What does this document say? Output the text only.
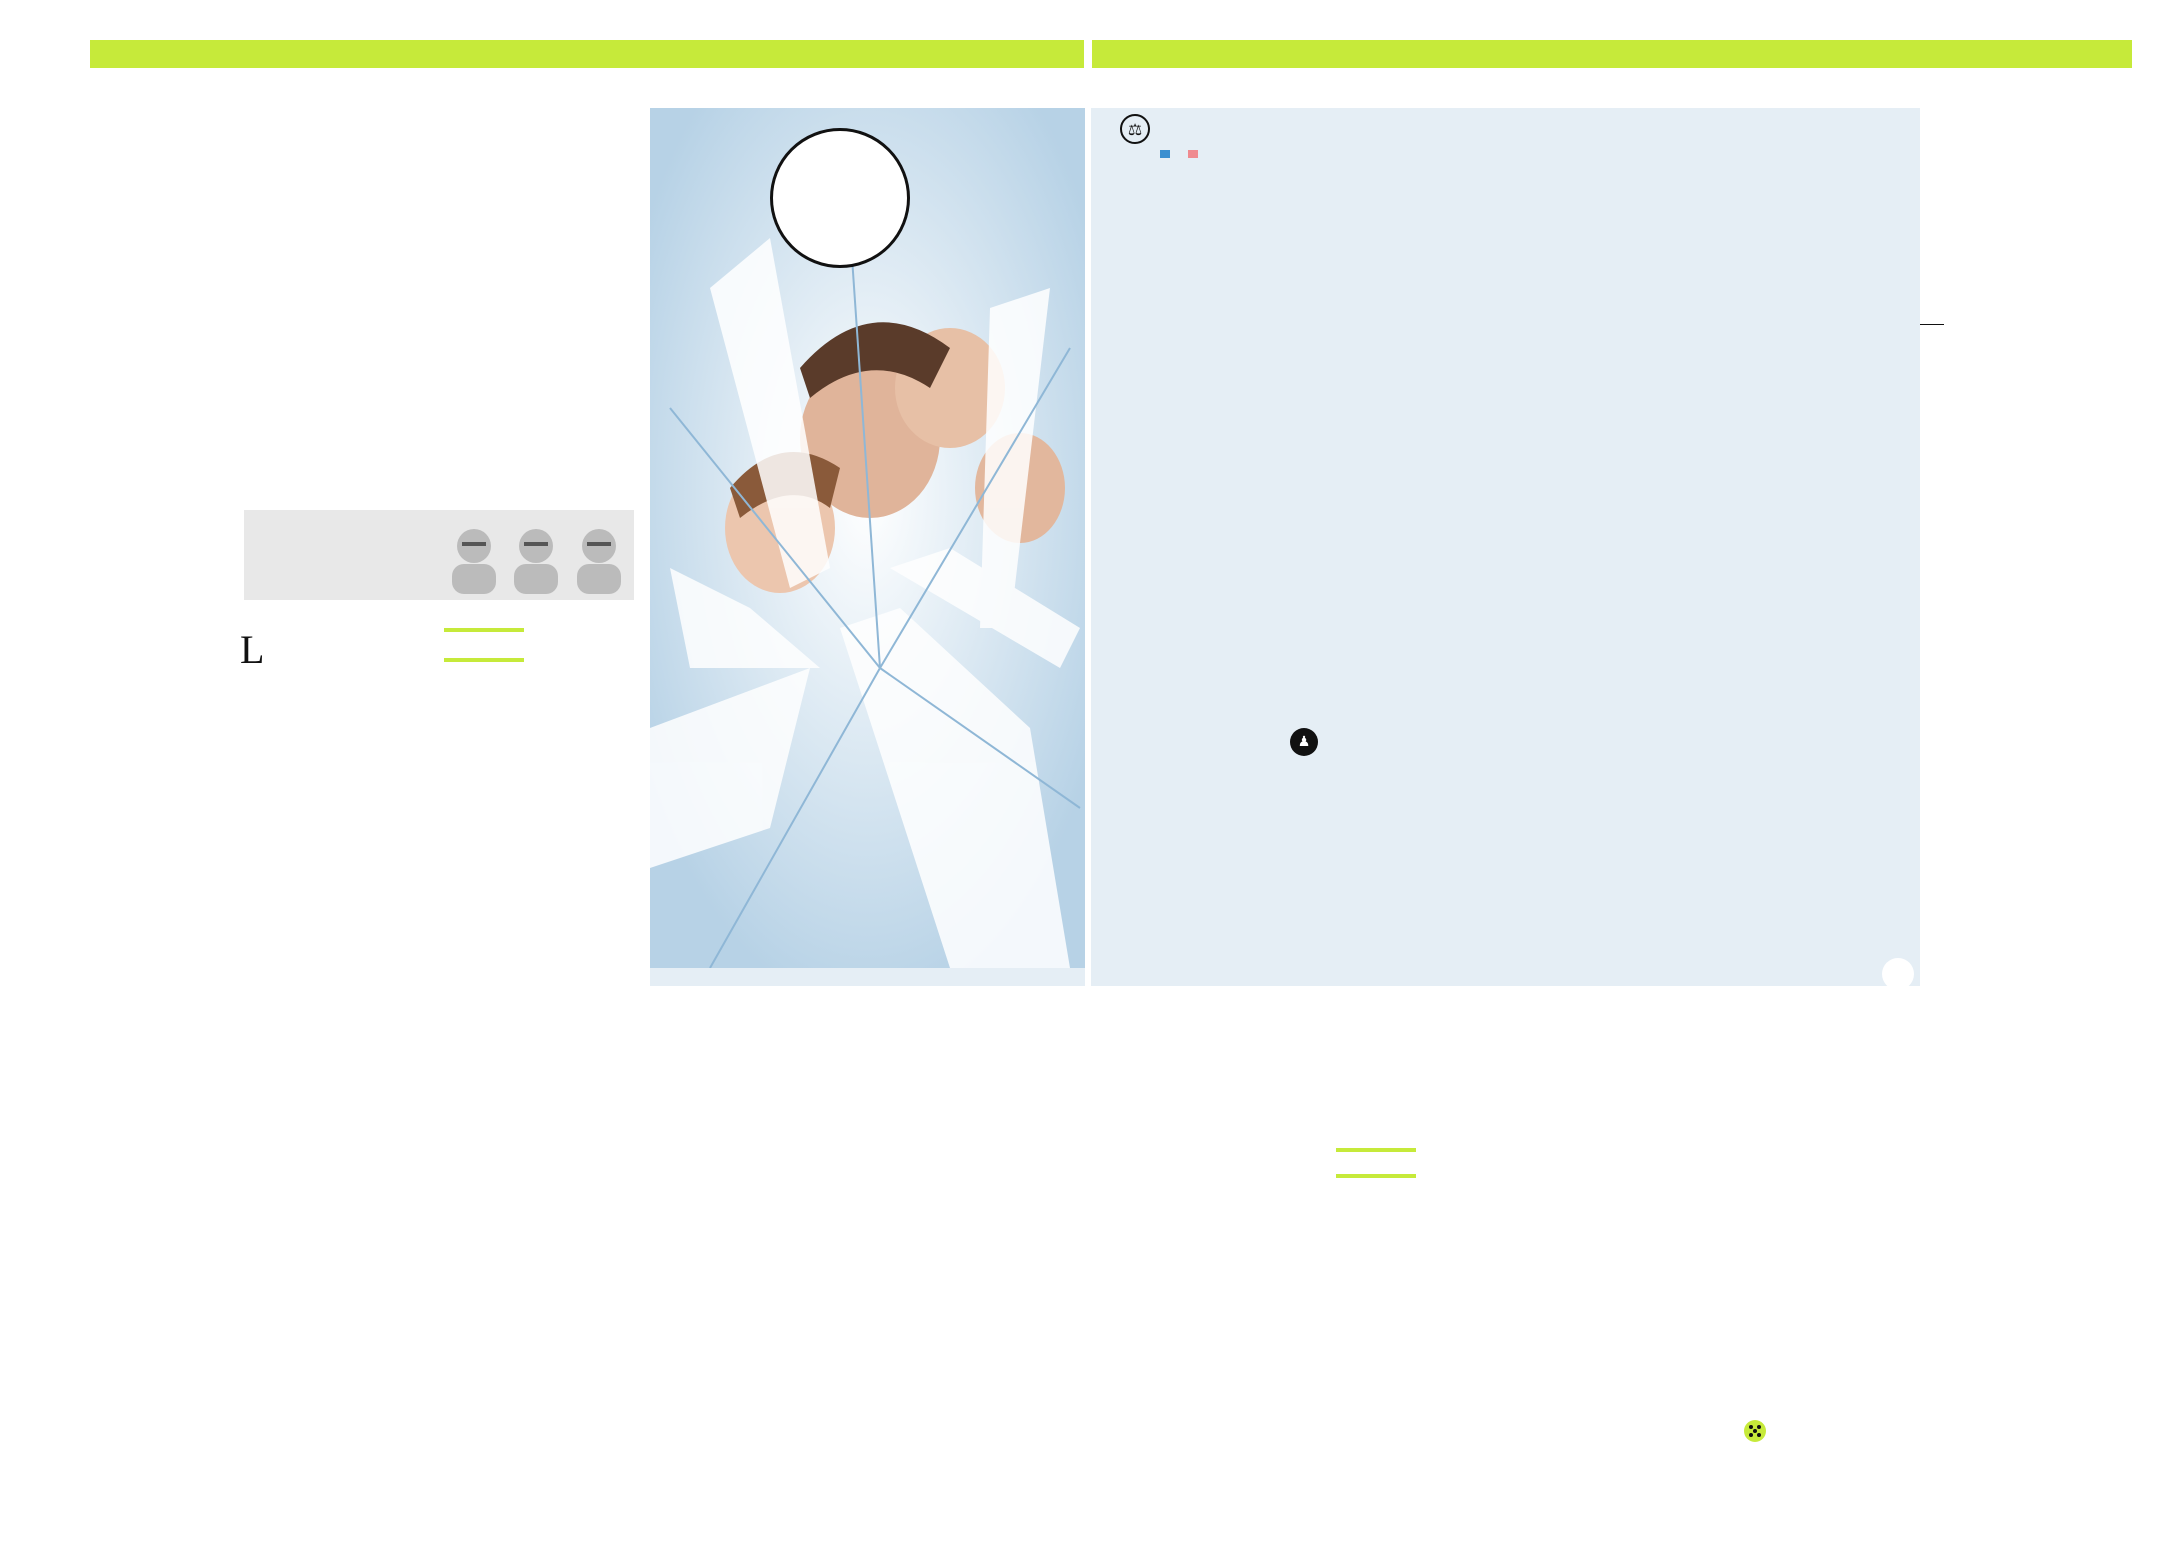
L
⚖
♟
